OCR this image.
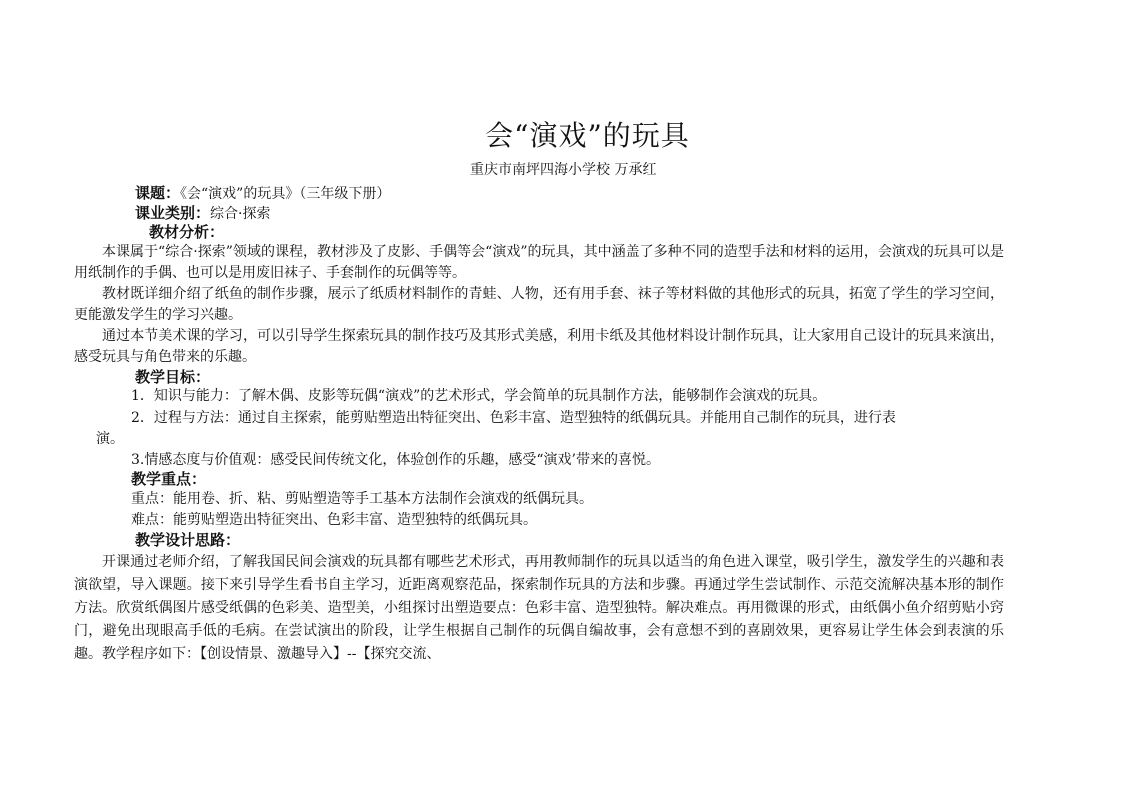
会“演戏”的玩具
重庆市南坪四海小学校 万承红
课题：《会“演戏”的玩具》（三年级下册）
课业类别：综合·探索
教材分析：

本课属于“综合·探索”领域的课程，教材涉及了皮影、手偶等会“演戏”的玩具，其中涵盖了多种不同的造型手法和材料的运用，会演戏的玩具可以是用纸制作的手偶、也可以是用废旧袜子、手套制作的玩偶等等。

教材既详细介绍了纸鱼的制作步骤，展示了纸质材料制作的青蛙、人物，还有用手套、袜子等材料做的其他形式的玩具，拓宽了学生的学习空间，更能激发学生的学习兴趣。

通过本节美术课的学习，可以引导学生探索玩具的制作技巧及其形式美感，利用卡纸及其他材料设计制作玩具，让大家用自己设计的玩具来演出，感受玩具与角色带来的乐趣。

教学目标：
1．知识与能力：了解木偶、皮影等玩偶“演戏”的艺术形式，学会简单的玩具制作方法，能够制作会演戏的玩具。
2．过程与方法：通过自主探索，能剪贴塑造出特征突出、色彩丰富、造型独特的纸偶玩具。并能用自己制作的玩具，进行表
演。
3.情感态度与价值观：感受民间传统文化，体验创作的乐趣，感受“演戏’带来的喜悦。
教学重点：
重点：能用卷、折、粘、剪贴塑造等手工基本方法制作会演戏的纸偶玩具。
难点：能剪贴塑造出特征突出、色彩丰富、造型独特的纸偶玩具。
教学设计思路：

开课通过老师介绍，了解我国民间会演戏的玩具都有哪些艺术形式，再用教师制作的玩具以适当的角色进入课堂，吸引学生，激发学生的兴趣和表演欲望，导入课题。接下来引导学生看书自主学习，近距离观察范品，探索制作玩具的方法和步骤。再通过学生尝试制作、示范交流解决基本形的制作方法。欣赏纸偶图片感受纸偶的色彩美、造型美，小组探讨出塑造要点：色彩丰富、造型独特。解决难点。再用微课的形式，由纸偶小鱼介绍剪贴小窍门，避免出现眼高手低的毛病。在尝试演出的阶段，让学生根据自己制作的玩偶自编故事，会有意想不到的喜剧效果，更容易让学生体会到表演的乐趣。教学程序如下：【创设情景、激趣导入】--【探究交流、
